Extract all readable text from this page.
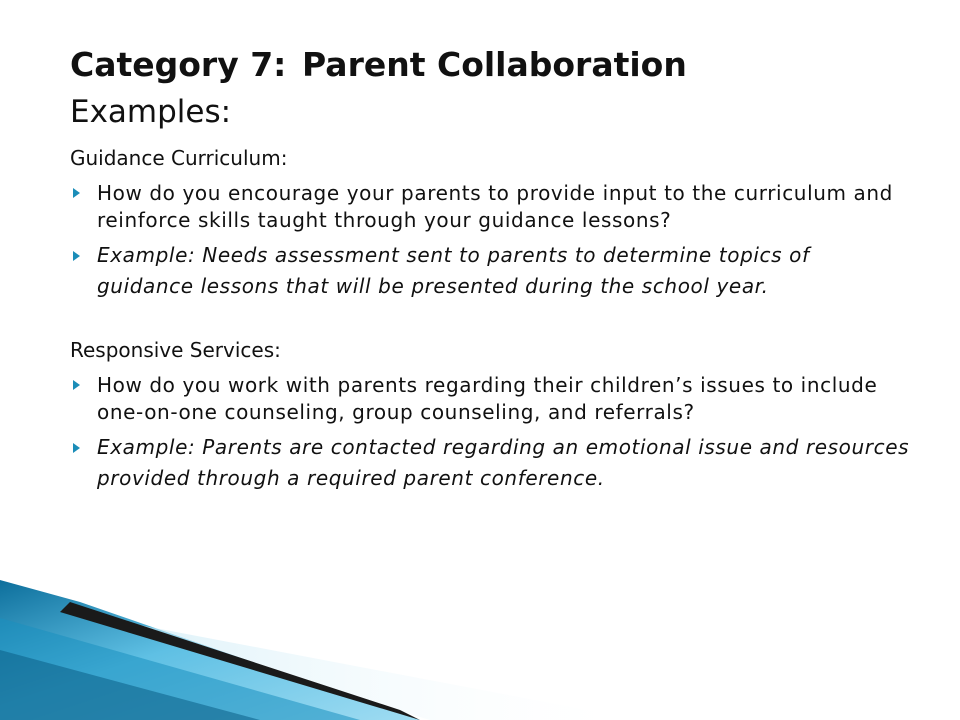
Category 7: Parent Collaboration
Examples:
Guidance Curriculum:
How do you encourage your parents to provide input to the curriculum and reinforce skills taught through your guidance lessons?
Example: Needs assessment sent to parents to determine topics of guidance lessons that will be presented during the school year.
Responsive Services:
How do you work with parents regarding their children’s issues to include one-on-one counseling, group counseling, and referrals?
Example: Parents are contacted regarding an emotional issue and resources provided through a required parent conference.
